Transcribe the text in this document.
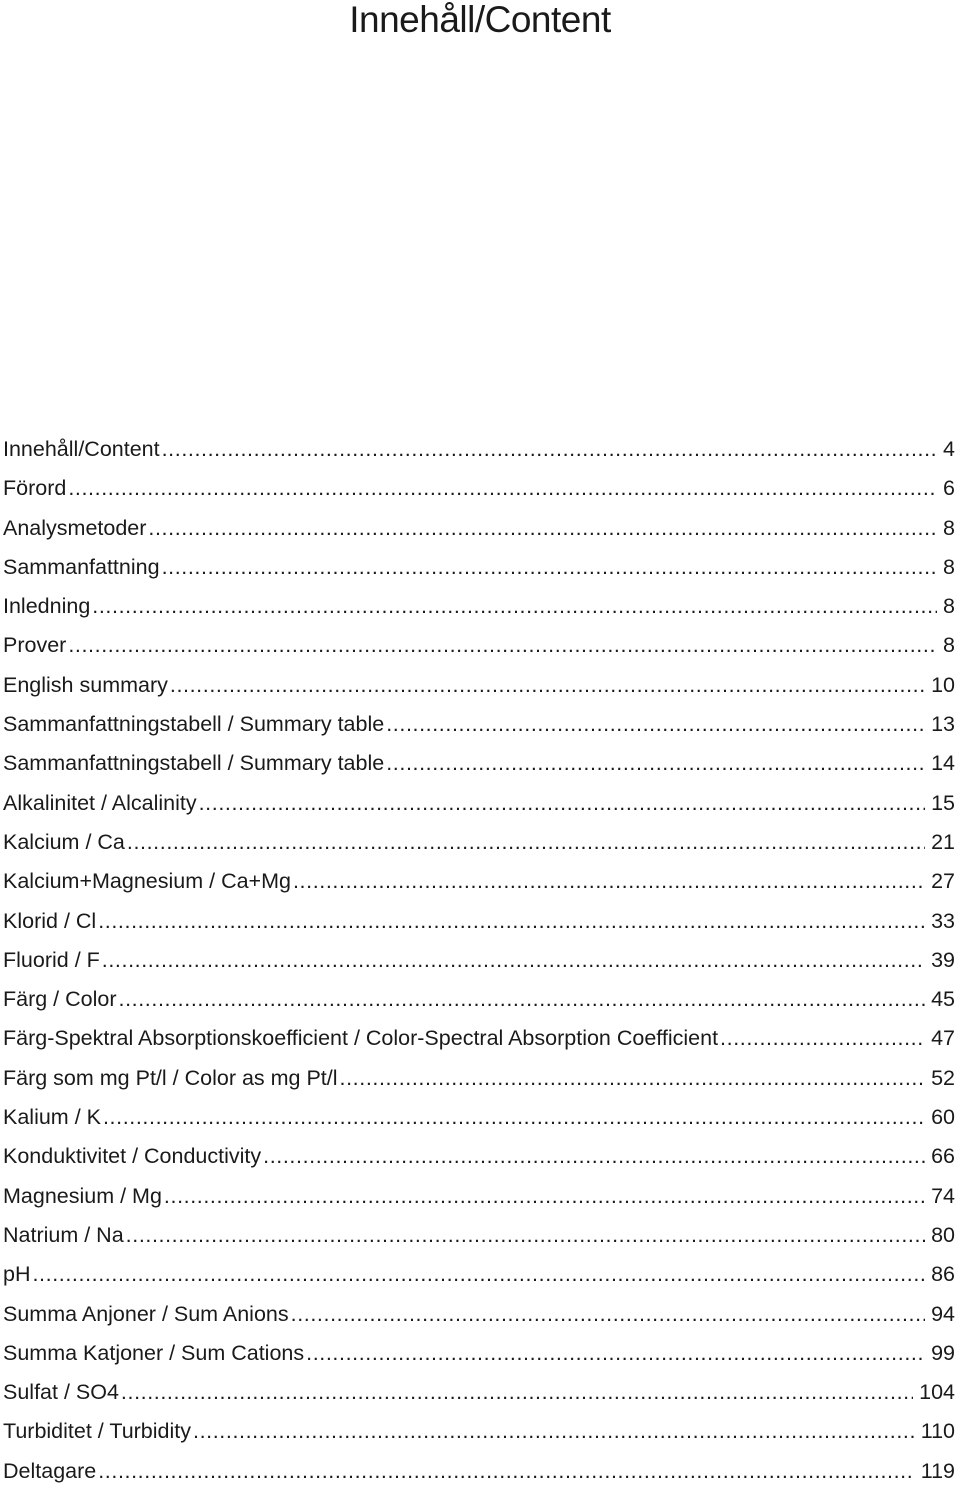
Innehåll/Content
Innehåll/Content .....	4
Förord .....	6
Analysmetoder .....	8
Sammanfattning .....	8
Inledning .....	8
Prover .....	8
English summary .....	10
Sammanfattningstabell / Summary table .....	13
Sammanfattningstabell / Summary table .....	14
Alkalinitet / Alcalinity .....	15
Kalcium / Ca .....	21
Kalcium+Magnesium / Ca+Mg .....	27
Klorid / Cl .....	33
Fluorid / F .....	39
Färg / Color .....	45
Färg-Spektral Absorptionskoefficient / Color-Spectral Absorption Coefficient .....	47
Färg som mg Pt/l / Color as mg Pt/l .....	52
Kalium / K .....	60
Konduktivitet / Conductivity .....	66
Magnesium / Mg .....	74
Natrium / Na .....	80
pH .....	86
Summa Anjoner / Sum Anions .....	94
Summa Katjoner / Sum Cations .....	99
Sulfat / SO4 .....	104
Turbiditet / Turbidity .....	110
Deltagare .....	119
